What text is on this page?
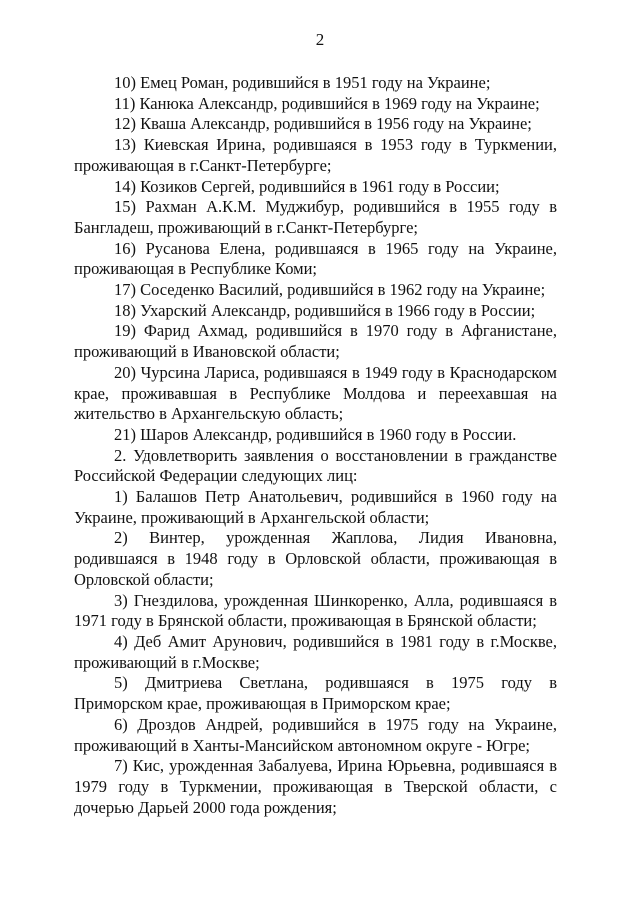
2

10) Емец Роман, родившийся в 1951 году на Украине;

11) Канюка Александр, родившийся в 1969 году на Украине;

12) Кваша Александр, родившийся в 1956 году на Украине;

13) Киевская Ирина, родившаяся в 1953 году в Туркмении, проживающая в г.Санкт-Петербурге;

14) Козиков Сергей, родившийся в 1961 году в России;

15) Рахман А.К.М. Муджибур, родившийся в 1955 году в Бангладеш, проживающий в г.Санкт-Петербурге;

16) Русанова Елена, родившаяся в 1965 году на Украине, проживающая в Республике Коми;

17) Соседенко Василий, родившийся в 1962 году на Украине;

18) Ухарский Александр, родившийся в 1966 году в России;

19) Фарид Ахмад, родившийся в 1970 году в Афганистане, проживающий в Ивановской области;

20) Чурсина Лариса, родившаяся в 1949 году в Краснодарском крае, проживавшая в Республике Молдова и переехавшая на жительство в Архангельскую область;

21) Шаров Александр, родившийся в 1960 году в России.

2. Удовлетворить заявления о восстановлении в гражданстве Российской Федерации следующих лиц:

1) Балашов Петр Анатольевич, родившийся в 1960 году на Украине, проживающий в Архангельской области;

2) Винтер, урожденная Жаплова, Лидия Ивановна, родившаяся в 1948 году в Орловской области, проживающая в Орловской области;

3) Гнездилова, урожденная Шинкоренко, Алла, родившаяся в 1971 году в Брянской области, проживающая в Брянской области;

4) Деб Амит Арунович, родившийся в 1981 году в г.Москве, проживающий в г.Москве;

5) Дмитриева Светлана, родившаяся в 1975 году в Приморском крае, проживающая в Приморском крае;

6) Дроздов Андрей, родившийся в 1975 году на Украине, проживающий в Ханты-Мансийском автономном округе - Югре;

7) Кис, урожденная Забалуева, Ирина Юрьевна, родившаяся в 1979 году в Туркмении, проживающая в Тверской области, с дочерью Дарьей 2000 года рождения;
